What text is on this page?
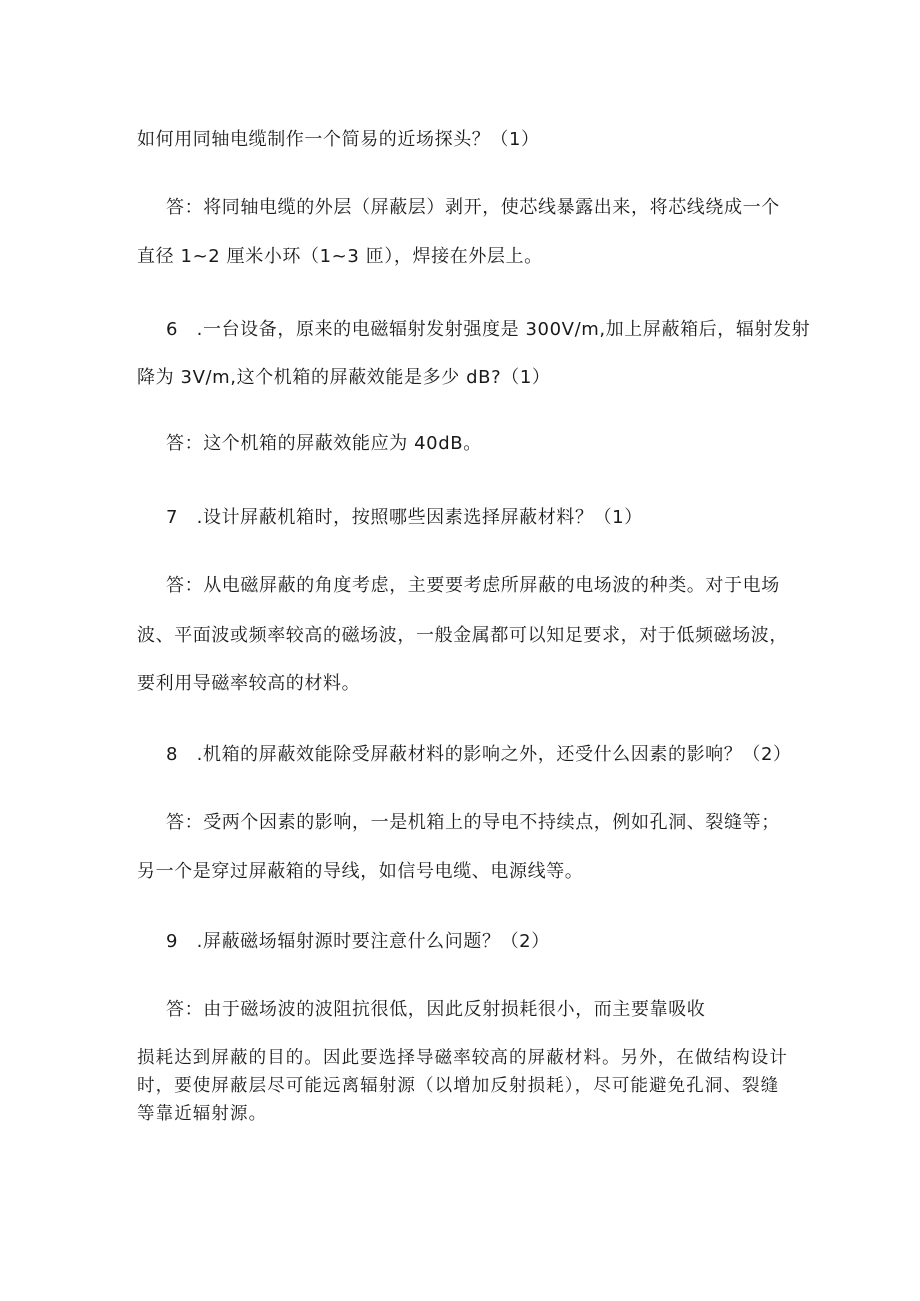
如何用同轴电缆制作一个简易的近场探头？（1）
答：将同轴电缆的外层（屏蔽层）剥开，使芯线暴露出来，将芯线绕成一个
直径 1~2 厘米小环（1~3 匝），焊接在外层上。
6　.一台设备，原来的电磁辐射发射强度是 300V/m,加上屏蔽箱后，辐射发射
降为 3V/m,这个机箱的屏蔽效能是多少 dB?（1）
答：这个机箱的屏蔽效能应为 40dB。
7　.设计屏蔽机箱时，按照哪些因素选择屏蔽材料？（1）
答：从电磁屏蔽的角度考虑，主要要考虑所屏蔽的电场波的种类。对于电场
波、平面波或频率较高的磁场波，一般金属都可以知足要求，对于低频磁场波，
要利用导磁率较高的材料。
8　.机箱的屏蔽效能除受屏蔽材料的影响之外，还受什么因素的影响？（2）
答：受两个因素的影响，一是机箱上的导电不持续点，例如孔洞、裂缝等；
另一个是穿过屏蔽箱的导线，如信号电缆、电源线等。
9　.屏蔽磁场辐射源时要注意什么问题？（2）
答：由于磁场波的波阻抗很低，因此反射损耗很小，而主要靠吸收
损耗达到屏蔽的目的。因此要选择导磁率较高的屏蔽材料。另外，在做结构设计
时，要使屏蔽层尽可能远离辐射源（以增加反射损耗），尽可能避免孔洞、裂缝
等靠近辐射源。
